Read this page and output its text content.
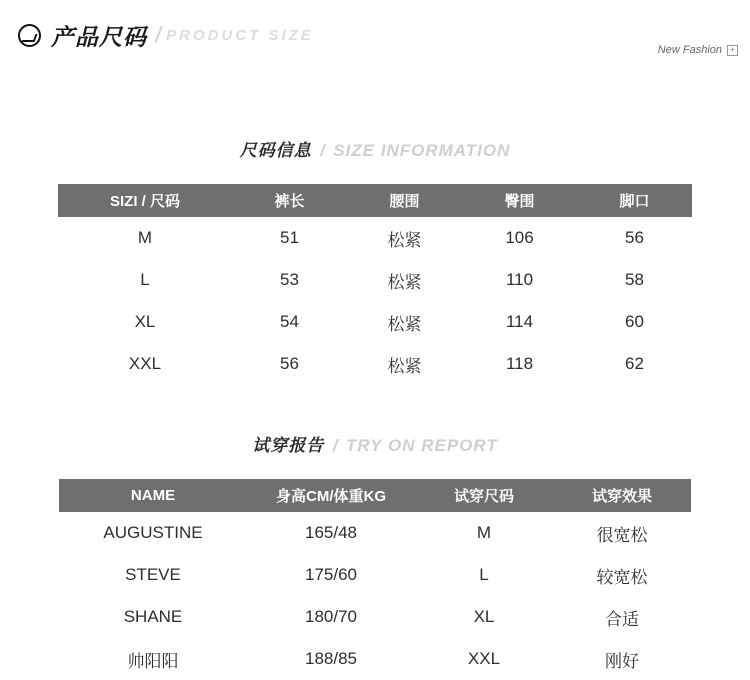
产品尺码 / PRODUCT SIZE
New Fashion	+
尺码信息 / SIZE INFORMATION
SIZI / 尺码	裤长	腰围	臀围	脚口
M	51	松紧	106	56
L	53	松紧	110	58
XL	54	松紧	114	60
XXL	56	松紧	118	62
试穿报告 / TRY ON REPORT
NAME	身高CM/体重KG	试穿尺码	试穿效果
AUGUSTINE	165/48	M	很宽松
STEVE	175/60	L	较宽松
SHANE	180/70	XL	合适
帅阳阳	188/85	XXL	刚好
